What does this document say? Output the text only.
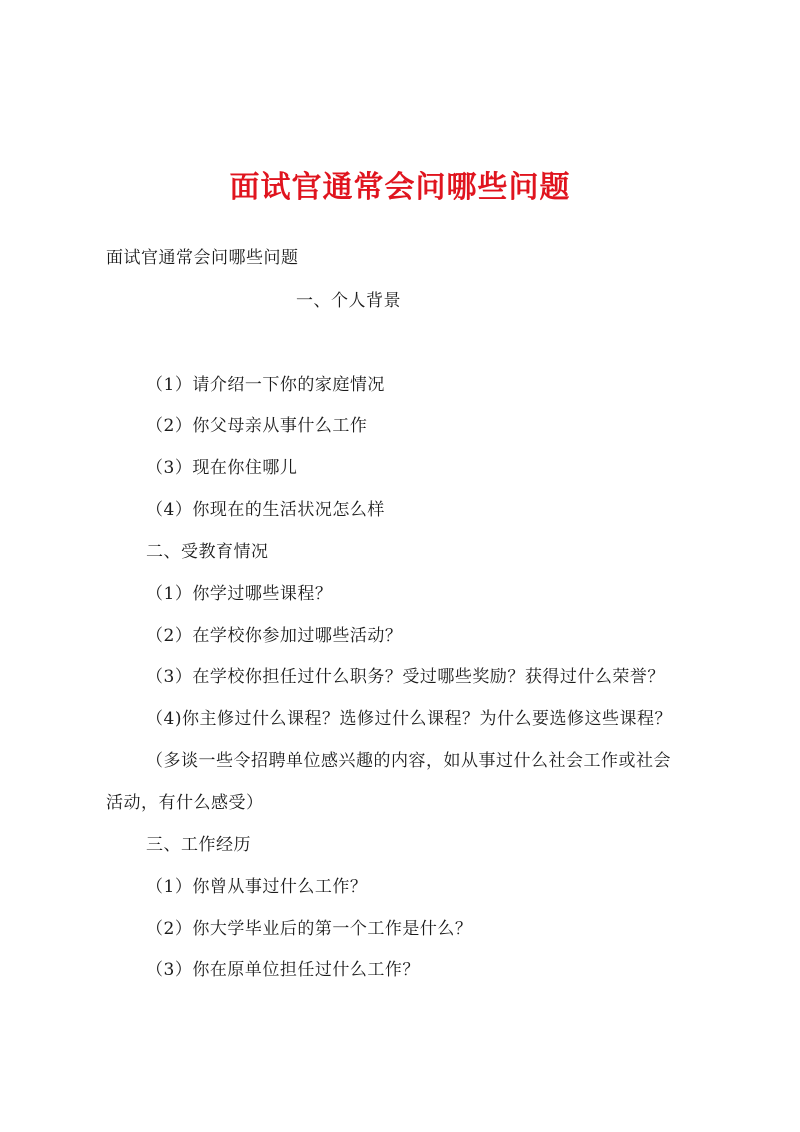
面试官通常会问哪些问题
面试官通常会问哪些问题
一、个人背景
（1）请介绍一下你的家庭情况
（2）你父母亲从事什么工作
（3）现在你住哪儿
（4）你现在的生活状况怎么样
二、受教育情况
（1）你学过哪些课程？
（2）在学校你参加过哪些活动？
（3）在学校你担任过什么职务？受过哪些奖励？获得过什么荣誉？
（4)你主修过什么课程？选修过什么课程？为什么要选修这些课程？
（多谈一些令招聘单位感兴趣的内容，如从事过什么社会工作或社会
活动，有什么感受）
三、工作经历
（1）你曾从事过什么工作？
（2）你大学毕业后的第一个工作是什么？
（3）你在原单位担任过什么工作？
